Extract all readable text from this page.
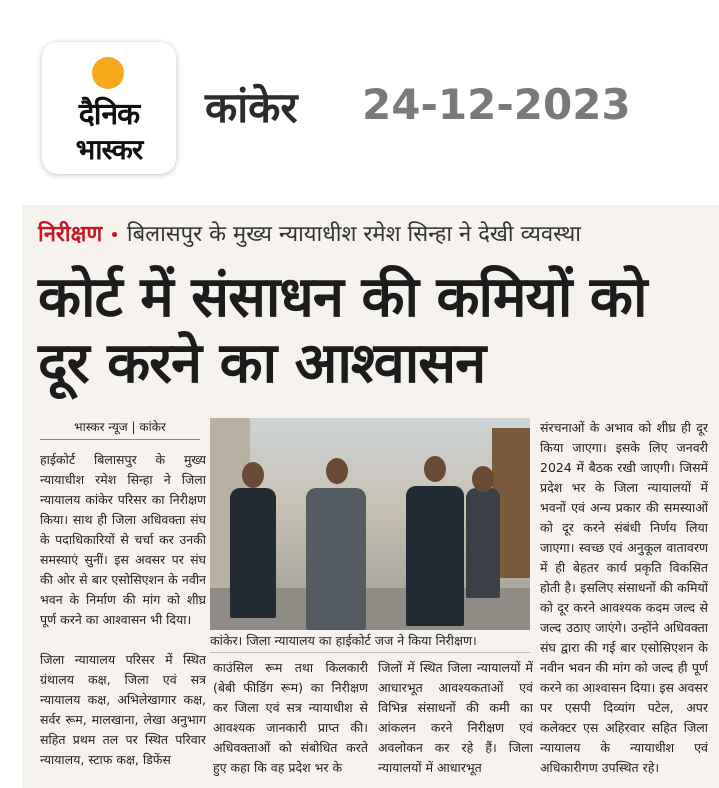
दैनिक
भास्कर
कांकेर 24-12-2023
निरीक्षण • बिलासपुर के मुख्य न्यायाधीश रमेश सिन्हा ने देखी व्यवस्था
कोर्ट में संसाधन की कमियों को दूर करने का आश्वासन
भास्कर न्यूज | कांकेर
हाईकोर्ट बिलासपुर के मुख्य न्यायाधीश रमेश सिन्हा ने जिला न्यायालय कांकेर परिसर का निरीक्षण किया। साथ ही जिला अधिवक्ता संघ के पदाधिकारियों से चर्चा कर उनकी समस्याएं सुनीं। इस अवसर पर संघ की ओर से बार एसोसिएशन के नवीन भवन के निर्माण की मांग को शीघ्र पूर्ण करने का आश्वासन भी दिया।
जिला न्यायालय परिसर में स्थित ग्रंथालय कक्ष, जिला एवं सत्र न्यायालय कक्ष, अभिलेखागार कक्ष, सर्वर रूम, मालखाना, लेखा अनुभाग सहित प्रथम तल पर स्थित परिवार न्यायालय, स्टाफ कक्ष, डिफेंस
कांकेर। जिला न्यायालय का हाईकोर्ट जज ने किया निरीक्षण।
काउंसिल रूम तथा किलकारी (बेबी फीडिंग रूम) का निरीक्षण कर जिला एवं सत्र न्यायाधीश से आवश्यक जानकारी प्राप्त की। अधिवक्ताओं को संबोधित करते हुए कहा कि वह प्रदेश भर के
जिलों में स्थित जिला न्यायालयों में आधारभूत आवश्यकताओं एवं विभिन्न संसाधनों की कमी का आंकलन करने निरीक्षण एवं अवलोकन कर रहे हैं। जिला न्यायालयों में आधारभूत
संरचनाओं के अभाव को शीघ्र ही दूर किया जाएगा। इसके लिए जनवरी 2024 में बैठक रखी जाएगी। जिसमें प्रदेश भर के जिला न्यायालयों में भवनों एवं अन्य प्रकार की समस्याओं को दूर करने संबंधी निर्णय लिया जाएगा। स्वच्छ एवं अनुकूल वातावरण में ही बेहतर कार्य प्रकृति विकसित होती है। इसलिए संसाधनों की कमियों को दूर करने आवश्यक कदम जल्द से जल्द उठाए जाएंगे। उन्होंने अधिवक्ता संघ द्वारा की गई बार एसोसिएशन के नवीन भवन की मांग को जल्द ही पूर्ण करने का आश्वासन दिया। इस अवसर पर एसपी दिव्यांग पटेल, अपर कलेक्टर एस अहिरवार सहित जिला न्यायालय के न्यायाधीश एवं अधिकारीगण उपस्थित रहे।
